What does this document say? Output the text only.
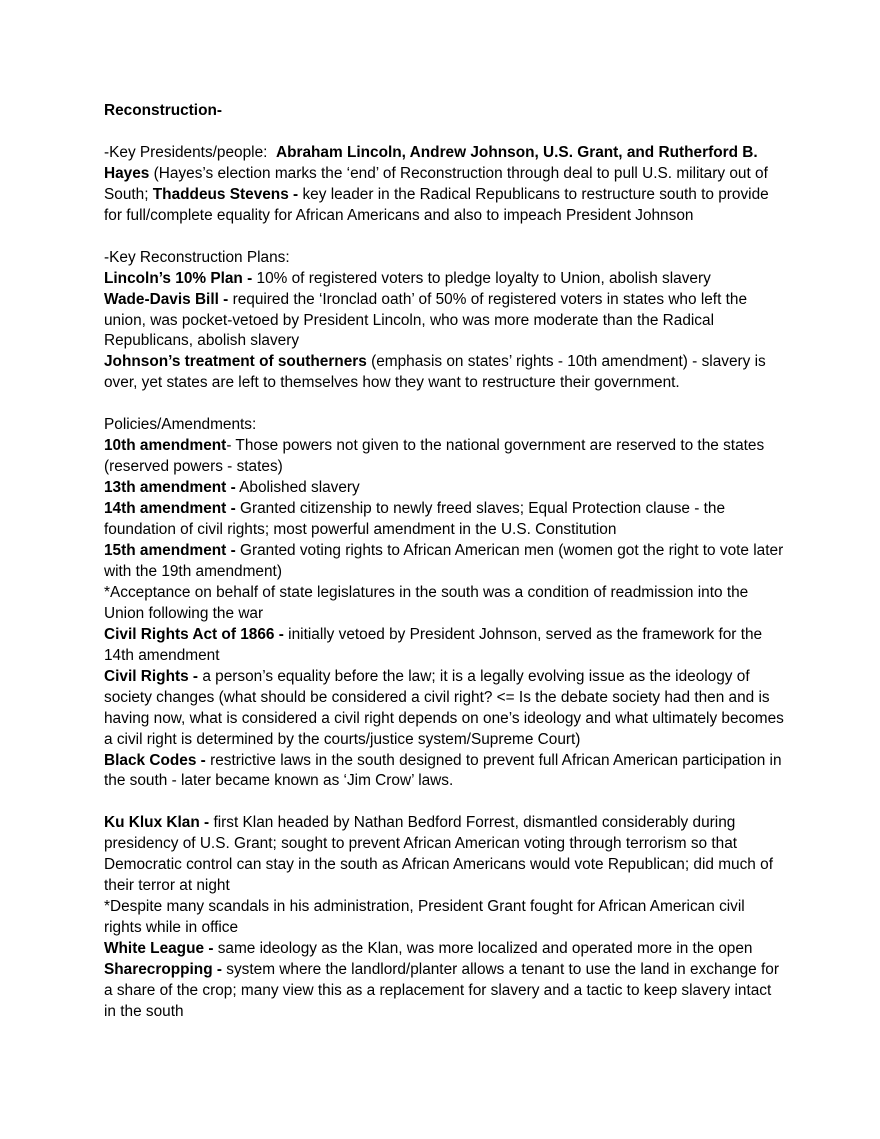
Reconstruction-
-Key Presidents/people:  Abraham Lincoln, Andrew Johnson, U.S. Grant, and Rutherford B. Hayes (Hayes’s election marks the ‘end’ of Reconstruction through deal to pull U.S. military out of South; Thaddeus Stevens - key leader in the Radical Republicans to restructure south to provide for full/complete equality for African Americans and also to impeach President Johnson
-Key Reconstruction Plans:
Lincoln’s 10% Plan - 10% of registered voters to pledge loyalty to Union, abolish slavery
Wade-Davis Bill - required the ‘Ironclad oath’ of 50% of registered voters in states who left the union, was pocket-vetoed by President Lincoln, who was more moderate than the Radical Republicans, abolish slavery
Johnson’s treatment of southerners (emphasis on states’ rights - 10th amendment) - slavery is over, yet states are left to themselves how they want to restructure their government.
Policies/Amendments:
10th amendment- Those powers not given to the national government are reserved to the states (reserved powers - states)
13th amendment - Abolished slavery
14th amendment - Granted citizenship to newly freed slaves; Equal Protection clause - the foundation of civil rights; most powerful amendment in the U.S. Constitution
15th amendment - Granted voting rights to African American men (women got the right to vote later with the 19th amendment)
*Acceptance on behalf of state legislatures in the south was a condition of readmission into the Union following the war
Civil Rights Act of 1866 - initially vetoed by President Johnson, served as the framework for the 14th amendment
Civil Rights - a person’s equality before the law; it is a legally evolving issue as the ideology of society changes (what should be considered a civil right? <= Is the debate society had then and is having now, what is considered a civil right depends on one’s ideology and what ultimately becomes a civil right is determined by the courts/justice system/Supreme Court)
Black Codes - restrictive laws in the south designed to prevent full African American participation in the south - later became known as ‘Jim Crow’ laws.
Ku Klux Klan - first Klan headed by Nathan Bedford Forrest, dismantled considerably during presidency of U.S. Grant; sought to prevent African American voting through terrorism so that Democratic control can stay in the south as African Americans would vote Republican; did much of their terror at night
*Despite many scandals in his administration, President Grant fought for African American civil rights while in office
White League - same ideology as the Klan, was more localized and operated more in the open
Sharecropping - system where the landlord/planter allows a tenant to use the land in exchange for a share of the crop; many view this as a replacement for slavery and a tactic to keep slavery intact in the south
